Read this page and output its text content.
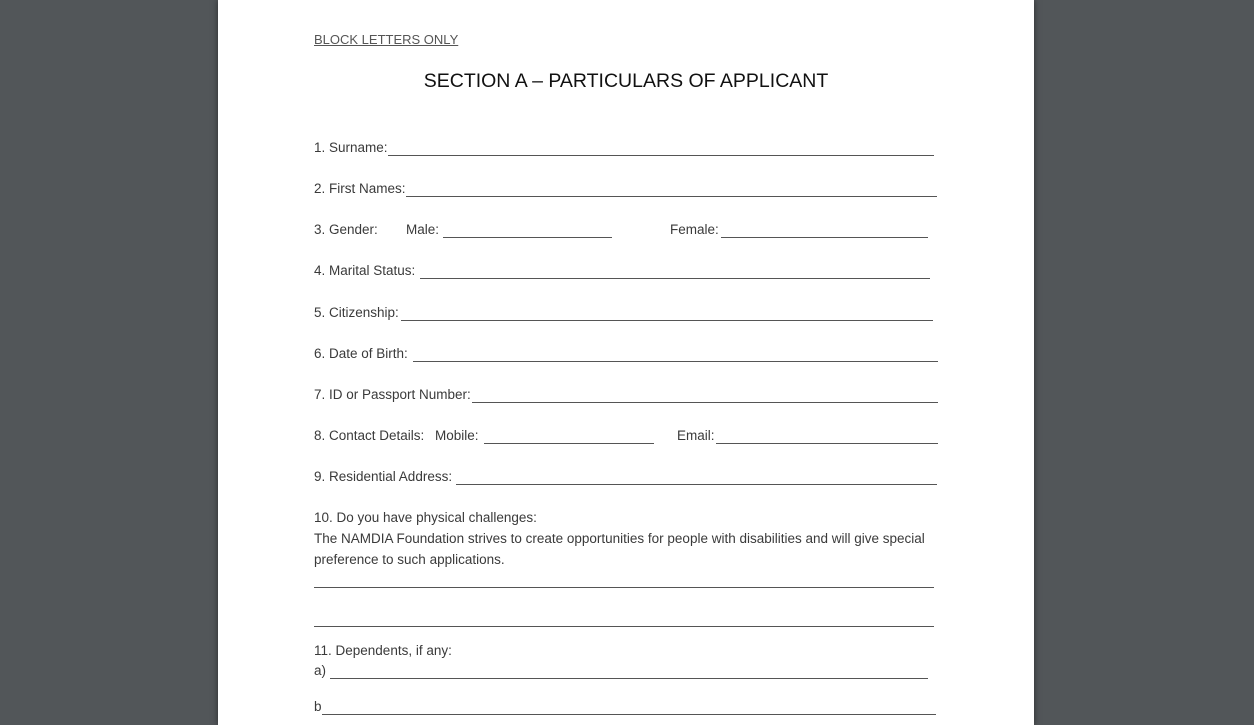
BLOCK LETTERS ONLY
SECTION A – PARTICULARS OF APPLICANT
1. Surname:
2. First Names:
3. Gender: Male:	Female:
4. Marital Status:
5. Citizenship:
6. Date of Birth:
7. ID or Passport Number:
8. Contact Details: Mobile:	Email:
9. Residential Address:
10. Do you have physical challenges:
The NAMDIA Foundation strives to create opportunities for people with disabilities and will give special
preference to such applications.
11. Dependents, if any:
a)
b
